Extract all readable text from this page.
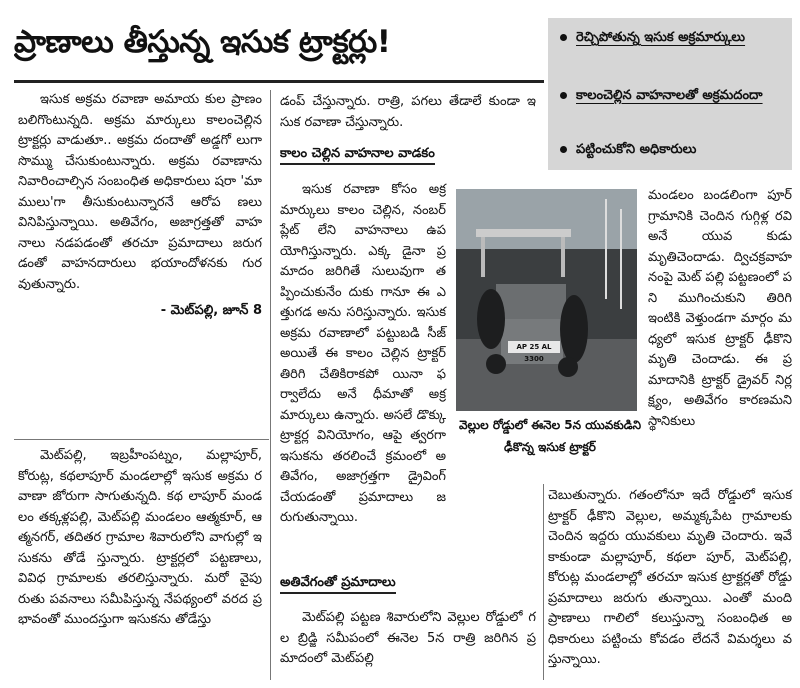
ప్రాణాలు తీస్తున్న ఇసుక ట్రాక్టర్లు!	రెచ్చిపోతున్న ఇసుక అక్రమార్కులు
కాలంచెల్లిన వాహనాలతో అక్రమదందా
పట్టించుకోని అధికారులు

ఇసుక అక్రమ రవాణా అమాయ కుల ప్రాణం బలిగొంటున్నది. అక్రమ మార్కులు కాలంచెల్లిన ట్రాక్టర్లు వాడుతూ.. అక్రమ దందాతో అడ్డగో లుగా సొమ్ము చేసుకుంటున్నారు. అక్రమ రవాణాను నివారించాల్సిన సంబంధిత అధికారులు షరా 'మా ములు'గా తీసుకుంటున్నారనే ఆరోప ణలు వినిపిస్తున్నాయి. అతివేగం, అజాగ్రత్తతో వాహనాలు నడపడంతో తరచూ ప్రమాదాలు జరుగడంతో వాహనదారులు భయాందోళనకు గురవుతున్నారు.

- మెట్‌పల్లి, జూన్ 8

మెట్‌పల్లి, ఇబ్రహీంపట్నం, మల్లాపూర్, కోరుట్ల, కథలాపూర్ మండలాల్లో ఇసుక అక్రమ రవాణా జోరుగా సాగుతున్నది. కథ లాపూర్ మండలం తక్కళ్లపల్లి, మెట్‌పల్లి మండలం ఆత్మకూర్, ఆత్మనగర్, తదితర గ్రామాల శివారులోని వాగుల్లో ఇసుకను తోడే స్తున్నారు. ట్రాక్టర్లలో పట్టణాలు, వివిధ గ్రామాలకు తరలిస్తున్నారు. మరో వైపు రుతు పవనాలు సమీపిస్తున్న నేపథ్యంలో వరద ప్రభావంతో ముందస్తుగా ఇసుకను తోడేస్తు

డంప్ చేస్తున్నారు. రాత్రి, పగలు తేడాలే కుండా ఇసుక రవాణా చేస్తున్నారు.

కాలం చెల్లిన వాహనాల వాడకం

ఇసుక రవాణా కోసం అక్ర మార్కులు కాలం చెల్లిన, నంబర్ ప్లేట్ లేని వాహనాలు ఉపయోగిస్తున్నారు. ఎక్క డైనా ప్రమాదం జరిగితే సులువుగా తప్పించుకునేం దుకు గానూ ఈ ఎత్తుగడ అను సరిస్తున్నారు. ఇసుక అక్రమ రవాణాలో పట్టుబడి సీజ్ అయితే ఈ కాలం చెల్లిన ట్రాక్టర్ తిరిగి చేతికిరాకపో యినా ఫర్వాలేదు అనే ధీమాతో అక్రమార్కులు ఉన్నారు. అసలే డొక్కు ట్రాక్టర్ల వినియోగం, ఆపై త్వరగా ఇసుకను తరలించే క్రమంలో అతివేగం, అజాగ్రత్తగా డ్రైవింగ్ చేయడంతో ప్రమాదాలు జరుగుతున్నాయి.

అతివేగంతో ప్రమాదాలు

మెట్‌పల్లి పట్టణ శివారులోని వెల్లుల రోడ్డులో గల బ్రిడ్జి సమీపంలో ఈనెల 5న రాత్రి జరిగిన ప్రమాదంలో మెట్‌పల్లి

AP 25 AL 3300
వెల్లుల రోడ్డులో ఈనెల 5న యువకుడిని ఢీకొన్న ఇసుక ట్రాక్టర్

మండలం బండలింగా పూర్ గ్రామానికి చెందిన గుగ్గిళ్ల రవి అనే యువ కుడు మృతిచెందాడు. ద్విచక్రవాహనంపై మెట్ పల్లి పట్టణంలో పని ముగించుకుని తిరిగి ఇంటికి వెళ్తుండగా మార్గం మధ్యలో ఇసుక ట్రాక్టర్ ఢీకొని మృతి చెందాడు. ఈ ప్రమాదానికి ట్రాక్టర్ డ్రైవర్ నిర్లక్ష్యం, అతివేగం కారణమని స్థానికులు

చెబుతున్నారు. గతంలోనూ ఇదే రోడ్డులో ఇసుక ట్రాక్టర్ ఢీకొని వెల్లుల, అమ్మక్కపేట గ్రామాలకు చెందిన ఇద్దరు యువకులు మృతి చెందారు. ఇవే కాకుండా మల్లాపూర్, కథలా పూర్, మెట్‌పల్లి, కోరుట్ల మండలాల్లో తరచూ ఇసుక ట్రాక్టర్లతో రోడ్డు ప్రమాదాలు జరుగు తున్నాయి. ఎంతో మంది ప్రాణాలు గాలిలో కలుస్తున్నా సంబంధిత అధికారులు పట్టించు కోవడం లేదనే విమర్శలు వస్తున్నాయి.
